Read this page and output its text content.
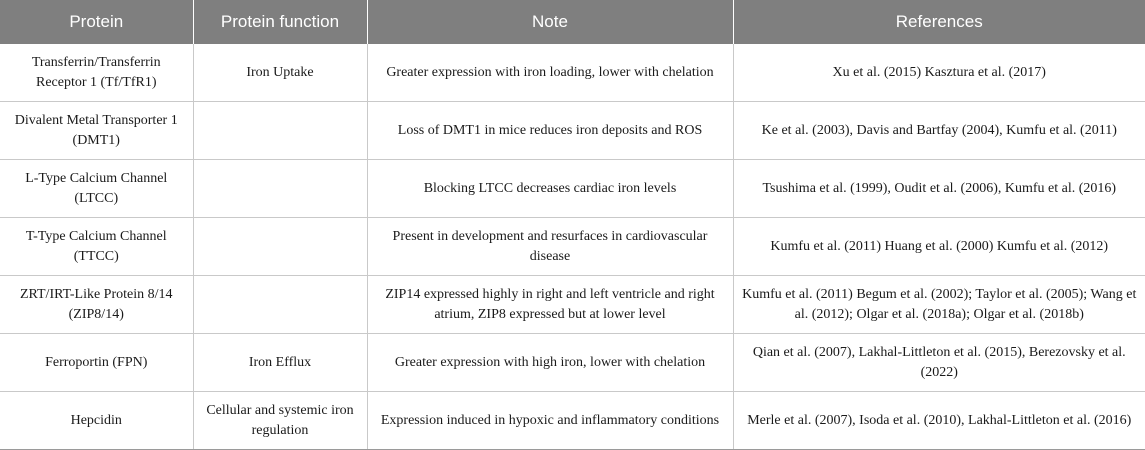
Protein	Protein function	Note	References
Transferrin/Transferrin Receptor 1 (Tf/TfR1)	Iron Uptake	Greater expression with iron loading, lower with chelation	Xu et al. (2015) Kasztura et al. (2017)
Divalent Metal Transporter 1 (DMT1)		Loss of DMT1 in mice reduces iron deposits and ROS	Ke et al. (2003), Davis and Bartfay (2004), Kumfu et al. (2011)
L-Type Calcium Channel (LTCC)		Blocking LTCC decreases cardiac iron levels	Tsushima et al. (1999), Oudit et al. (2006), Kumfu et al. (2016)
T-Type Calcium Channel (TTCC)		Present in development and resurfaces in cardiovascular disease	Kumfu et al. (2011) Huang et al. (2000) Kumfu et al. (2012)
ZRT/IRT-Like Protein 8/14 (ZIP8/14)		ZIP14 expressed highly in right and left ventricle and right atrium, ZIP8 expressed but at lower level	Kumfu et al. (2011) Begum et al. (2002); Taylor et al. (2005); Wang et al. (2012); Olgar et al. (2018a); Olgar et al. (2018b)
Ferroportin (FPN)	Iron Efflux	Greater expression with high iron, lower with chelation	Qian et al. (2007), Lakhal-Littleton et al. (2015), Berezovsky et al. (2022)
Hepcidin	Cellular and systemic iron regulation	Expression induced in hypoxic and inflammatory conditions	Merle et al. (2007), Isoda et al. (2010), Lakhal-Littleton et al. (2016)
